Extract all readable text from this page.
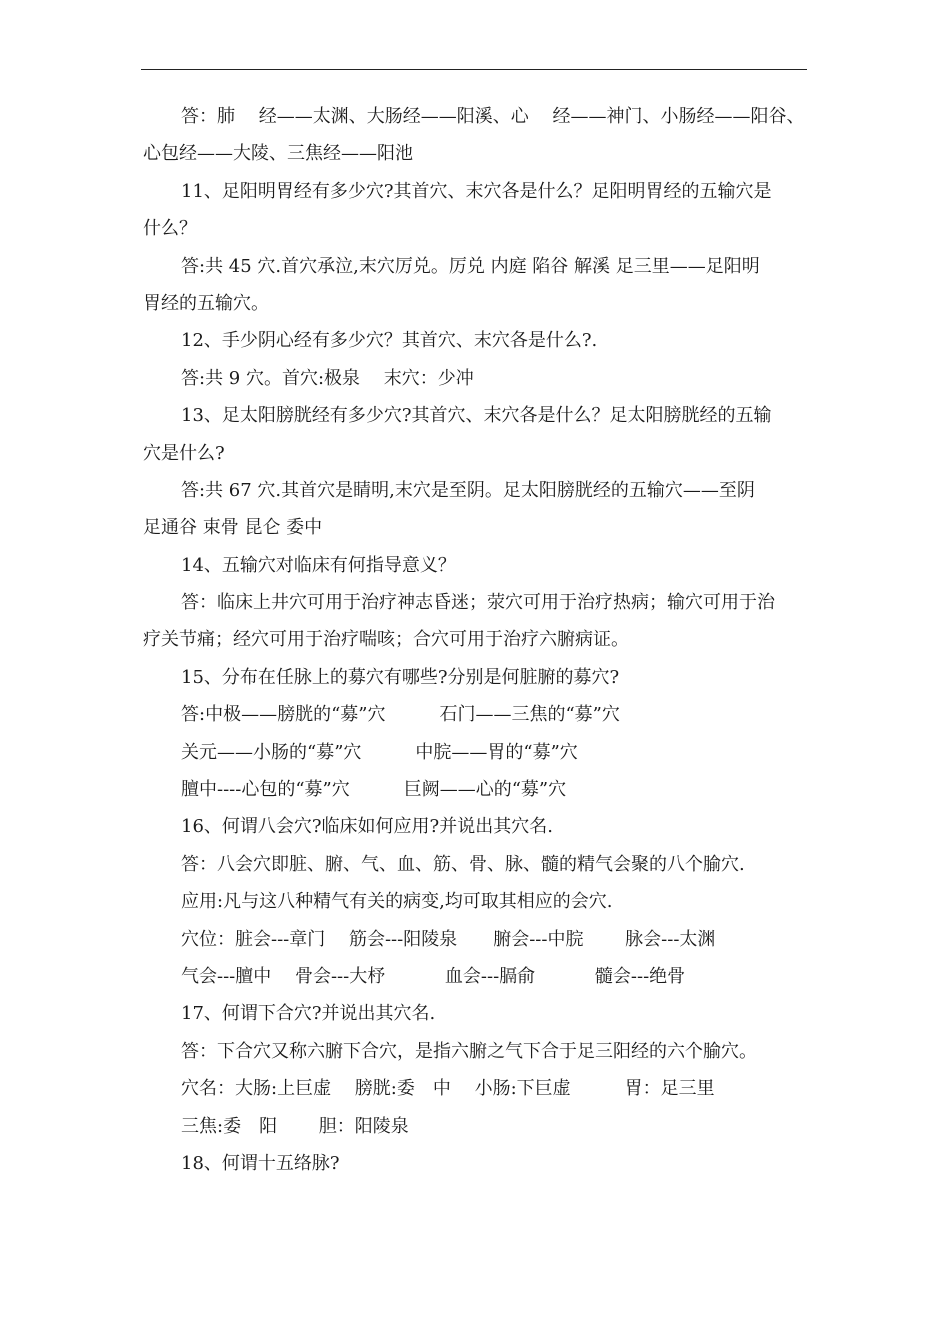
答：肺　 经——太渊、大肠经——阳溪、心　 经——神门、小肠经——阳谷、
心包经——大陵、三焦经——阳池
11、足阳明胃经有多少穴?其首穴、末穴各是什么？足阳明胃经的五输穴是
什么？
答:共 45 穴.首穴承泣,末穴厉兑。厉兑 内庭 陷谷 解溪 足三里——足阳明
胃经的五输穴。
12、手少阴心经有多少穴？其首穴、末穴各是什么?.
答:共 9 穴。首穴:极泉　 末穴：少冲
13、足太阳膀胱经有多少穴?其首穴、末穴各是什么？足太阳膀胱经的五输
穴是什么?
答:共 67 穴.其首穴是睛明,末穴是至阴。足太阳膀胱经的五输穴——至阴
足通谷 束骨 昆仑 委中
14、五输穴对临床有何指导意义？
答：临床上井穴可用于治疗神志昏迷；荥穴可用于治疗热病；输穴可用于治
疗关节痛；经穴可用于治疗喘咳；合穴可用于治疗六腑病证。
15、分布在任脉上的募穴有哪些?分别是何脏腑的募穴?
答:中极——膀胱的“募”穴　　　石门——三焦的“募”穴
关元——小肠的“募”穴　　　中脘——胃的“募”穴
膻中----心包的“募”穴　　　巨阙——心的“募”穴
16、何谓八会穴?临床如何应用?并说出其穴名.
答：八会穴即脏、腑、气、血、筋、骨、脉、髓的精气会聚的八个腧穴.
应用:凡与这八种精气有关的病变,均可取其相应的会穴.
穴位：脏会---章门　 筋会---阳陵泉　　腑会---中脘　　 脉会---太渊
气会---膻中　 骨会---大杼　　　 血会---膈俞　　　 髓会---绝骨
17、何谓下合穴?并说出其穴名.
答：下合穴又称六腑下合穴，是指六腑之气下合于足三阳经的六个腧穴。
穴名：大肠:上巨虚　 膀胱:委　中　 小肠:下巨虚　　　胃：足三里
三焦:委　阳　　 胆：阳陵泉
18、何谓十五络脉?
